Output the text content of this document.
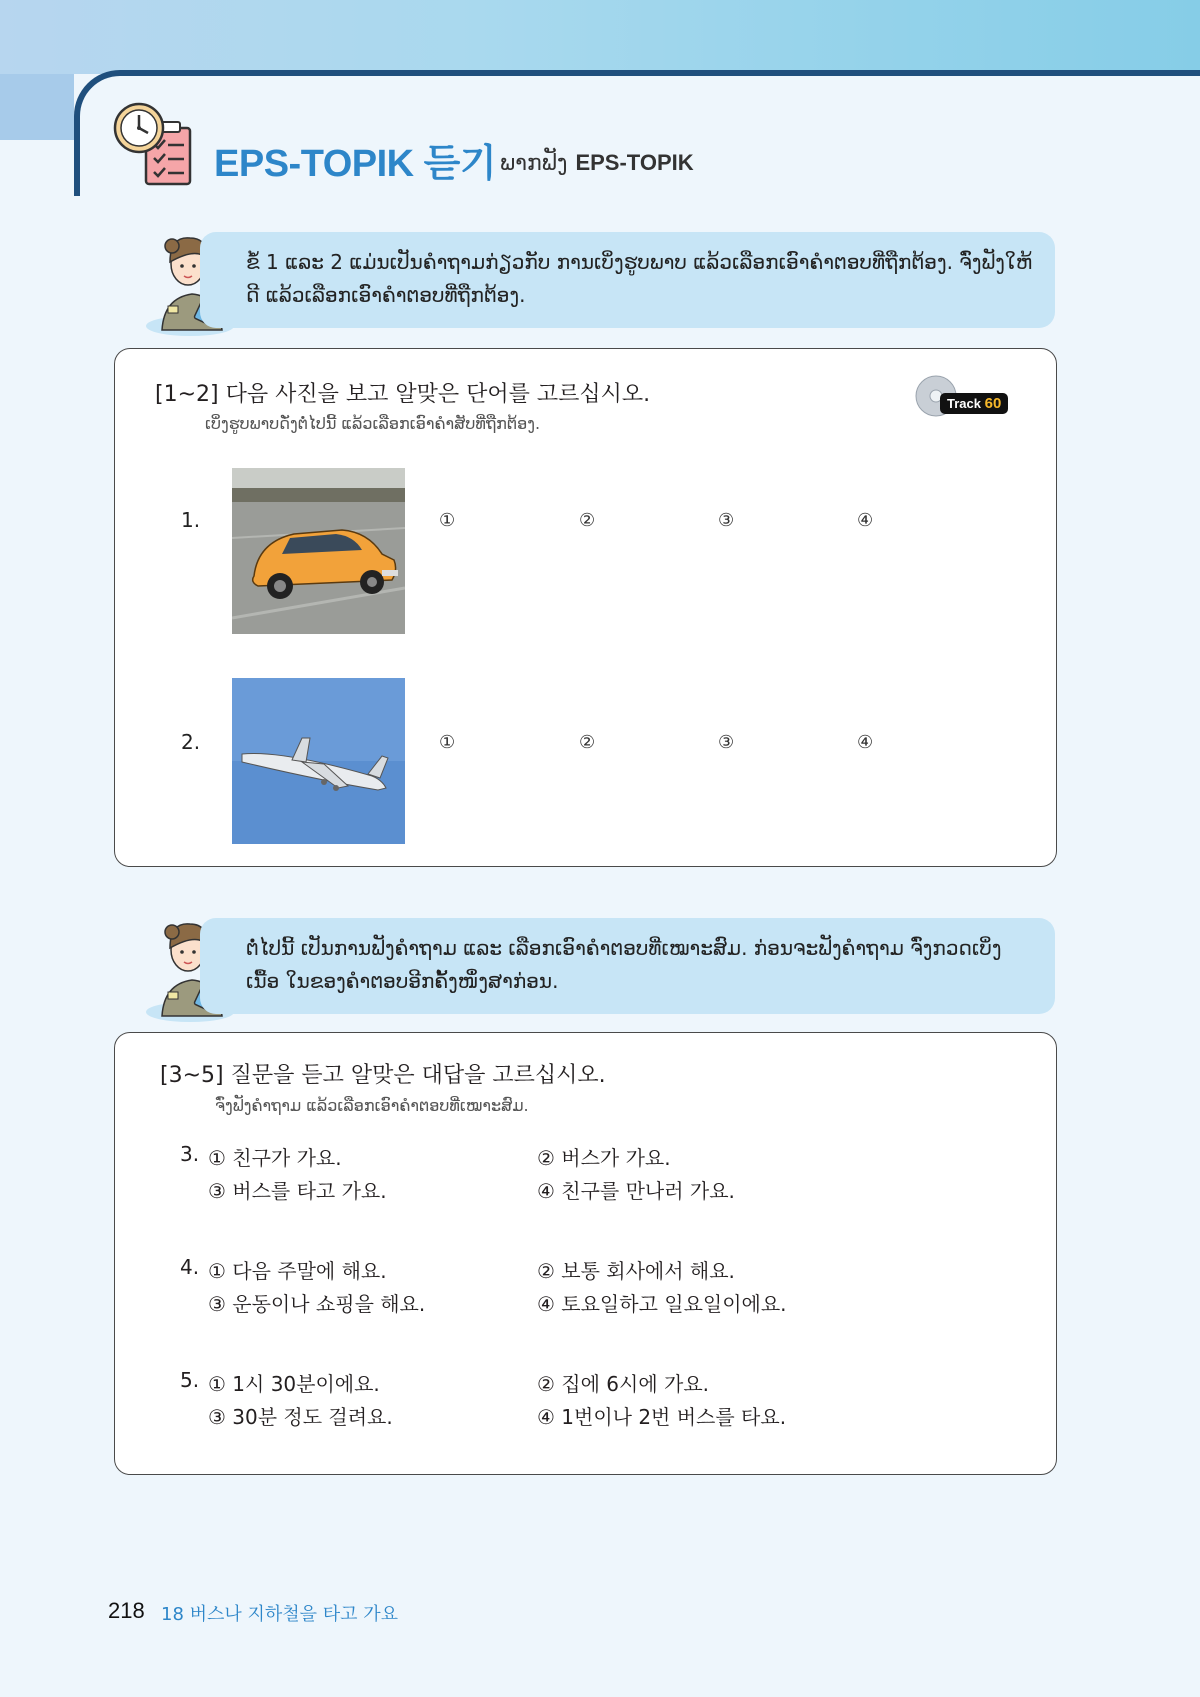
EPS-TOPIK 듣기 ພາກຟັງ EPS-TOPIK
ຂໍ້ 1 ແລະ 2 ແມ່ນເປັນຄຳຖາມກ່ຽວກັບ ການເບິ່ງຮູບພາບ ແລ້ວເລືອກເອົາຄຳຕອບທີ່ຖືກຕ້ອງ. ຈົ່ງຟັງໃຫ້ດີ ແລ້ວເລືອກເອົາຄຳຕອບທີ່ຖືກຕ້ອງ.
[1~2] 다음 사진을 보고 알맞은 단어를 고르십시오.
ເບິ່ງຮູບພາບດັ່ງຕໍ່ໄປນີ້ ແລ້ວເລືອກເອົາຄຳສັບທີ່ຖືກຕ້ອງ.
Track 60
1.	①	②	③	④
2.	①	②	③	④
ຕໍ່ໄປນີ້ ເປັນການຟັງຄຳຖາມ ແລະ ເລືອກເອົາຄຳຕອບທີ່ເໝາະສົມ. ກ່ອນຈະຟັງຄຳຖາມ ຈົ່ງກວດເບິ່ງເນື້ອ ໃນຂອງຄຳຕອບອີກຄັ້ງໜຶ່ງສາກ່ອນ.
[3~5] 질문을 듣고 알맞은 대답을 고르십시오.
ຈົ່ງຟັງຄຳຖາມ ແລ້ວເລືອກເອົາຄຳຕອບທີ່ເໝາະສົມ.
3. ① 친구가 가요.	② 버스가 가요.
③ 버스를 타고 가요.	④ 친구를 만나러 가요.
4. ① 다음 주말에 해요.	② 보통 회사에서 해요.
③ 운동이나 쇼핑을 해요.	④ 토요일하고 일요일이에요.
5. ① 1시 30분이에요.	② 집에 6시에 가요.
③ 30분 정도 걸려요.	④ 1번이나 2번 버스를 타요.
218 18 버스나 지하철을 타고 가요
